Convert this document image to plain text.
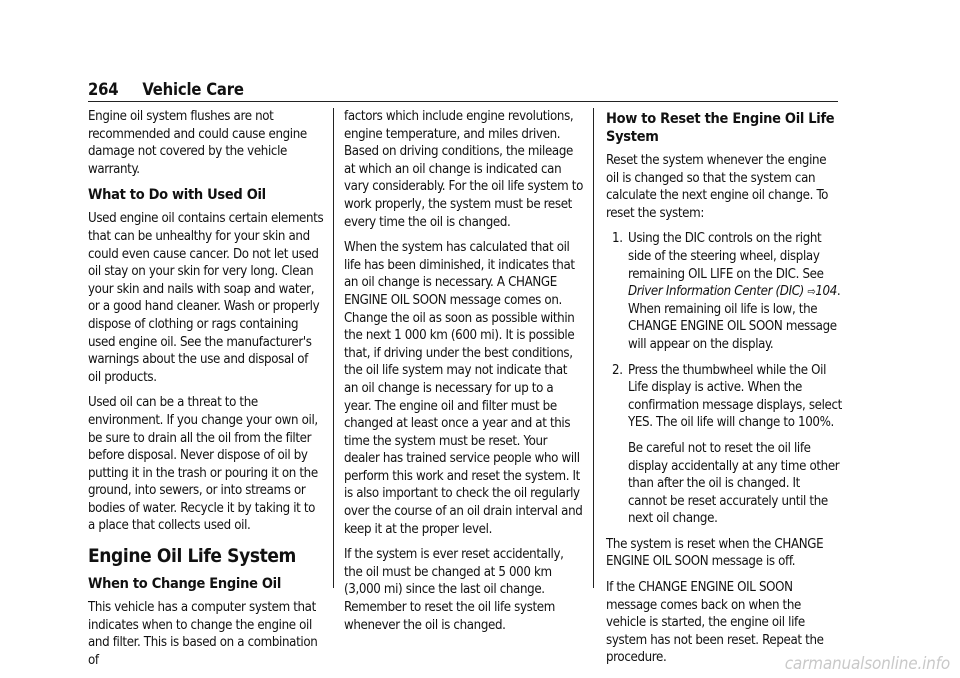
264 Vehicle Care

Engine oil system flushes are not recommended and could cause engine damage not covered by the vehicle warranty.

What to Do with Used Oil

Used engine oil contains certain elements that can be unhealthy for your skin and could even cause cancer. Do not let used oil stay on your skin for very long. Clean your skin and nails with soap and water, or a good hand cleaner. Wash or properly dispose of clothing or rags containing used engine oil. See the manufacturer's warnings about the use and disposal of oil products.

Used oil can be a threat to the environment. If you change your own oil, be sure to drain all the oil from the filter before disposal. Never dispose of oil by putting it in the trash or pouring it on the ground, into sewers, or into streams or bodies of water. Recycle it by taking it to a place that collects used oil.

Engine Oil Life System
When to Change Engine Oil

This vehicle has a computer system that indicates when to change the engine oil and filter. This is based on a combination of

factors which include engine revolutions, engine temperature, and miles driven. Based on driving conditions, the mileage at which an oil change is indicated can vary considerably. For the oil life system to work properly, the system must be reset every time the oil is changed.

When the system has calculated that oil life has been diminished, it indicates that an oil change is necessary. A CHANGE ENGINE OIL SOON message comes on. Change the oil as soon as possible within the next 1 000 km (600 mi). It is possible that, if driving under the best conditions, the oil life system may not indicate that an oil change is necessary for up to a year. The engine oil and filter must be changed at least once a year and at this time the system must be reset. Your dealer has trained service people who will perform this work and reset the system. It is also important to check the oil regularly over the course of an oil drain interval and keep it at the proper level.

If the system is ever reset accidentally, the oil must be changed at 5 000 km (3,000 mi) since the last oil change. Remember to reset the oil life system whenever the oil is changed.

How to Reset the Engine Oil Life System

Reset the system whenever the engine oil is changed so that the system can calculate the next engine oil change. To reset the system:

1. Using the DIC controls on the right side of the steering wheel, display remaining OIL LIFE on the DIC. See Driver Information Center (DIC) ⇨104. When remaining oil life is low, the CHANGE ENGINE OIL SOON message will appear on the display.
2. Press the thumbwheel while the Oil Life display is active. When the confirmation message displays, select YES. The oil life will change to 100%.

Be careful not to reset the oil life display accidentally at any time other than after the oil is changed. It cannot be reset accurately until the next oil change.

The system is reset when the CHANGE ENGINE OIL SOON message is off.

If the CHANGE ENGINE OIL SOON message comes back on when the vehicle is started, the engine oil life system has not been reset. Repeat the procedure.	carmanualsonline.info
